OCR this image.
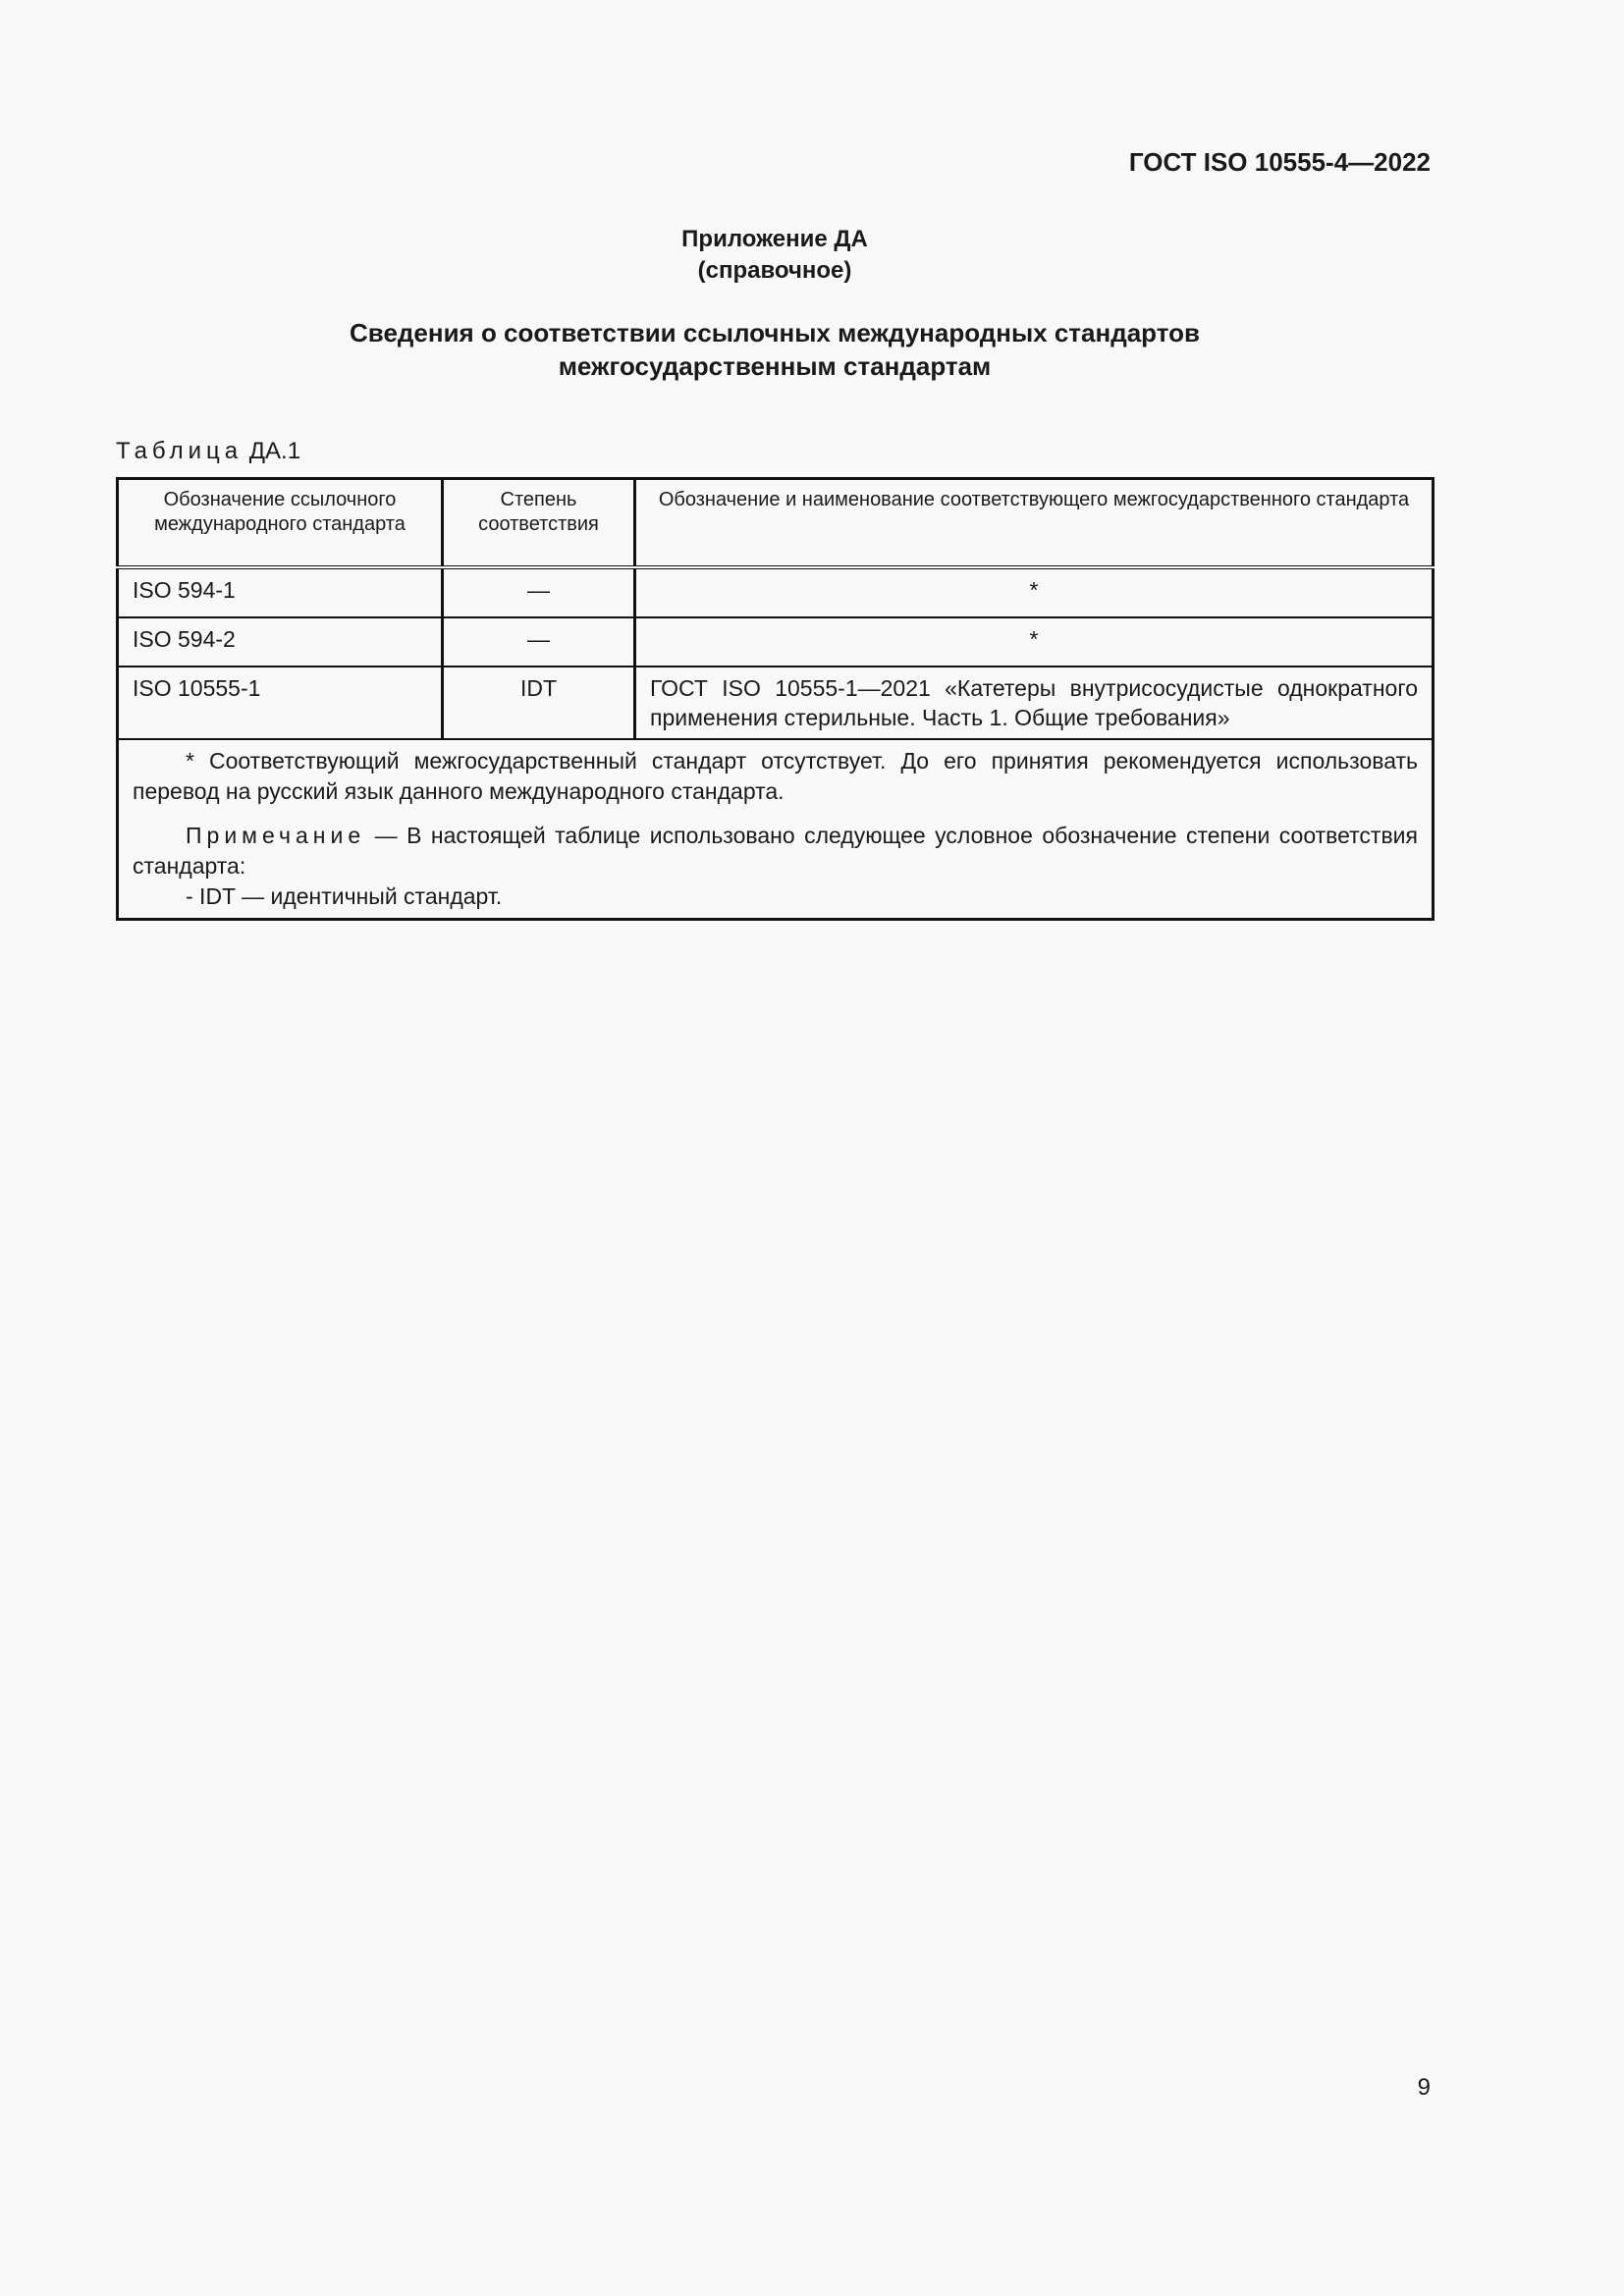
ГОСТ ISO 10555-4—2022
Приложение ДА
(справочное)
Сведения о соответствии ссылочных международных стандартов
межгосударственным стандартам
Таблица ДА.1
Обозначение ссылочного международного стандарта	Степень соответствия	Обозначение и наименование соответствующего межгосударственного стандарта
ISO 594-1	—	*
ISO 594-2	—	*
ISO 10555-1	IDT	ГОСТ ISO 10555-1—2021 «Катетеры внутрисосудистые однократного применения стерильные. Часть 1. Общие требования»

* Соответствующий межгосударственный стандарт отсутствует. До его принятия рекомендуется использовать перевод на русский язык данного международного стандарта.

Примечание — В настоящей таблице использовано следующее условное обозначение степени соответствия стандарта:

- IDT — идентичный стандарт.		

9
